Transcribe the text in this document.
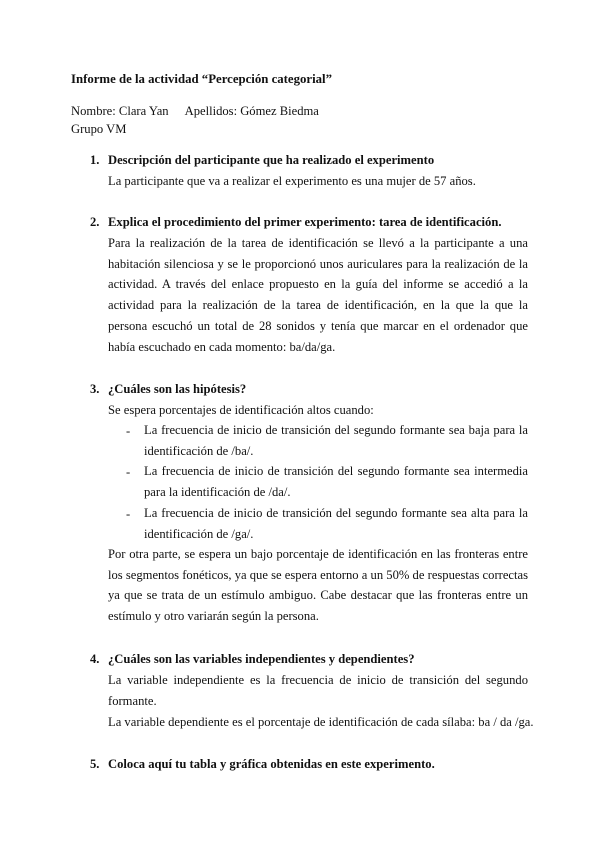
Informe de la actividad “Percepción categorial”
Nombre: Clara Yan Apellidos: Gómez Biedma
Grupo VM
1. Descripción del participante que ha realizado el experimento
La participante que va a realizar el experimento es una mujer de 57 años.
2. Explica el procedimiento del primer experimento: tarea de identificación.
Para la realización de la tarea de identificación se llevó a la participante a una habitación silenciosa y se le proporcionó unos auriculares para la realización de la actividad. A través del enlace propuesto en la guía del informe se accedió a la actividad para la realización de la tarea de identificación, en la que la que la persona escuchó un total de 28 sonidos y tenía que marcar en el ordenador que había escuchado en cada momento: ba/da/ga.
3. ¿Cuáles son las hipótesis?
Se espera porcentajes de identificación altos cuando:
- La frecuencia de inicio de transición del segundo formante sea baja para la identificación de /ba/.
- La frecuencia de inicio de transición del segundo formante sea intermedia para la identificación de /da/.
- La frecuencia de inicio de transición del segundo formante sea alta para la identificación de /ga/.
Por otra parte, se espera un bajo porcentaje de identificación en las fronteras entre los segmentos fonéticos, ya que se espera entorno a un 50% de respuestas correctas ya que se trata de un estímulo ambiguo. Cabe destacar que las fronteras entre un estímulo y otro variarán según la persona.
4. ¿Cuáles son las variables independientes y dependientes?
La variable independiente es la frecuencia de inicio de transición del segundo formante.
La variable dependiente es el porcentaje de identificación de cada sílaba: ba / da /ga.
5. Coloca aquí tu tabla y gráfica obtenidas en este experimento.
